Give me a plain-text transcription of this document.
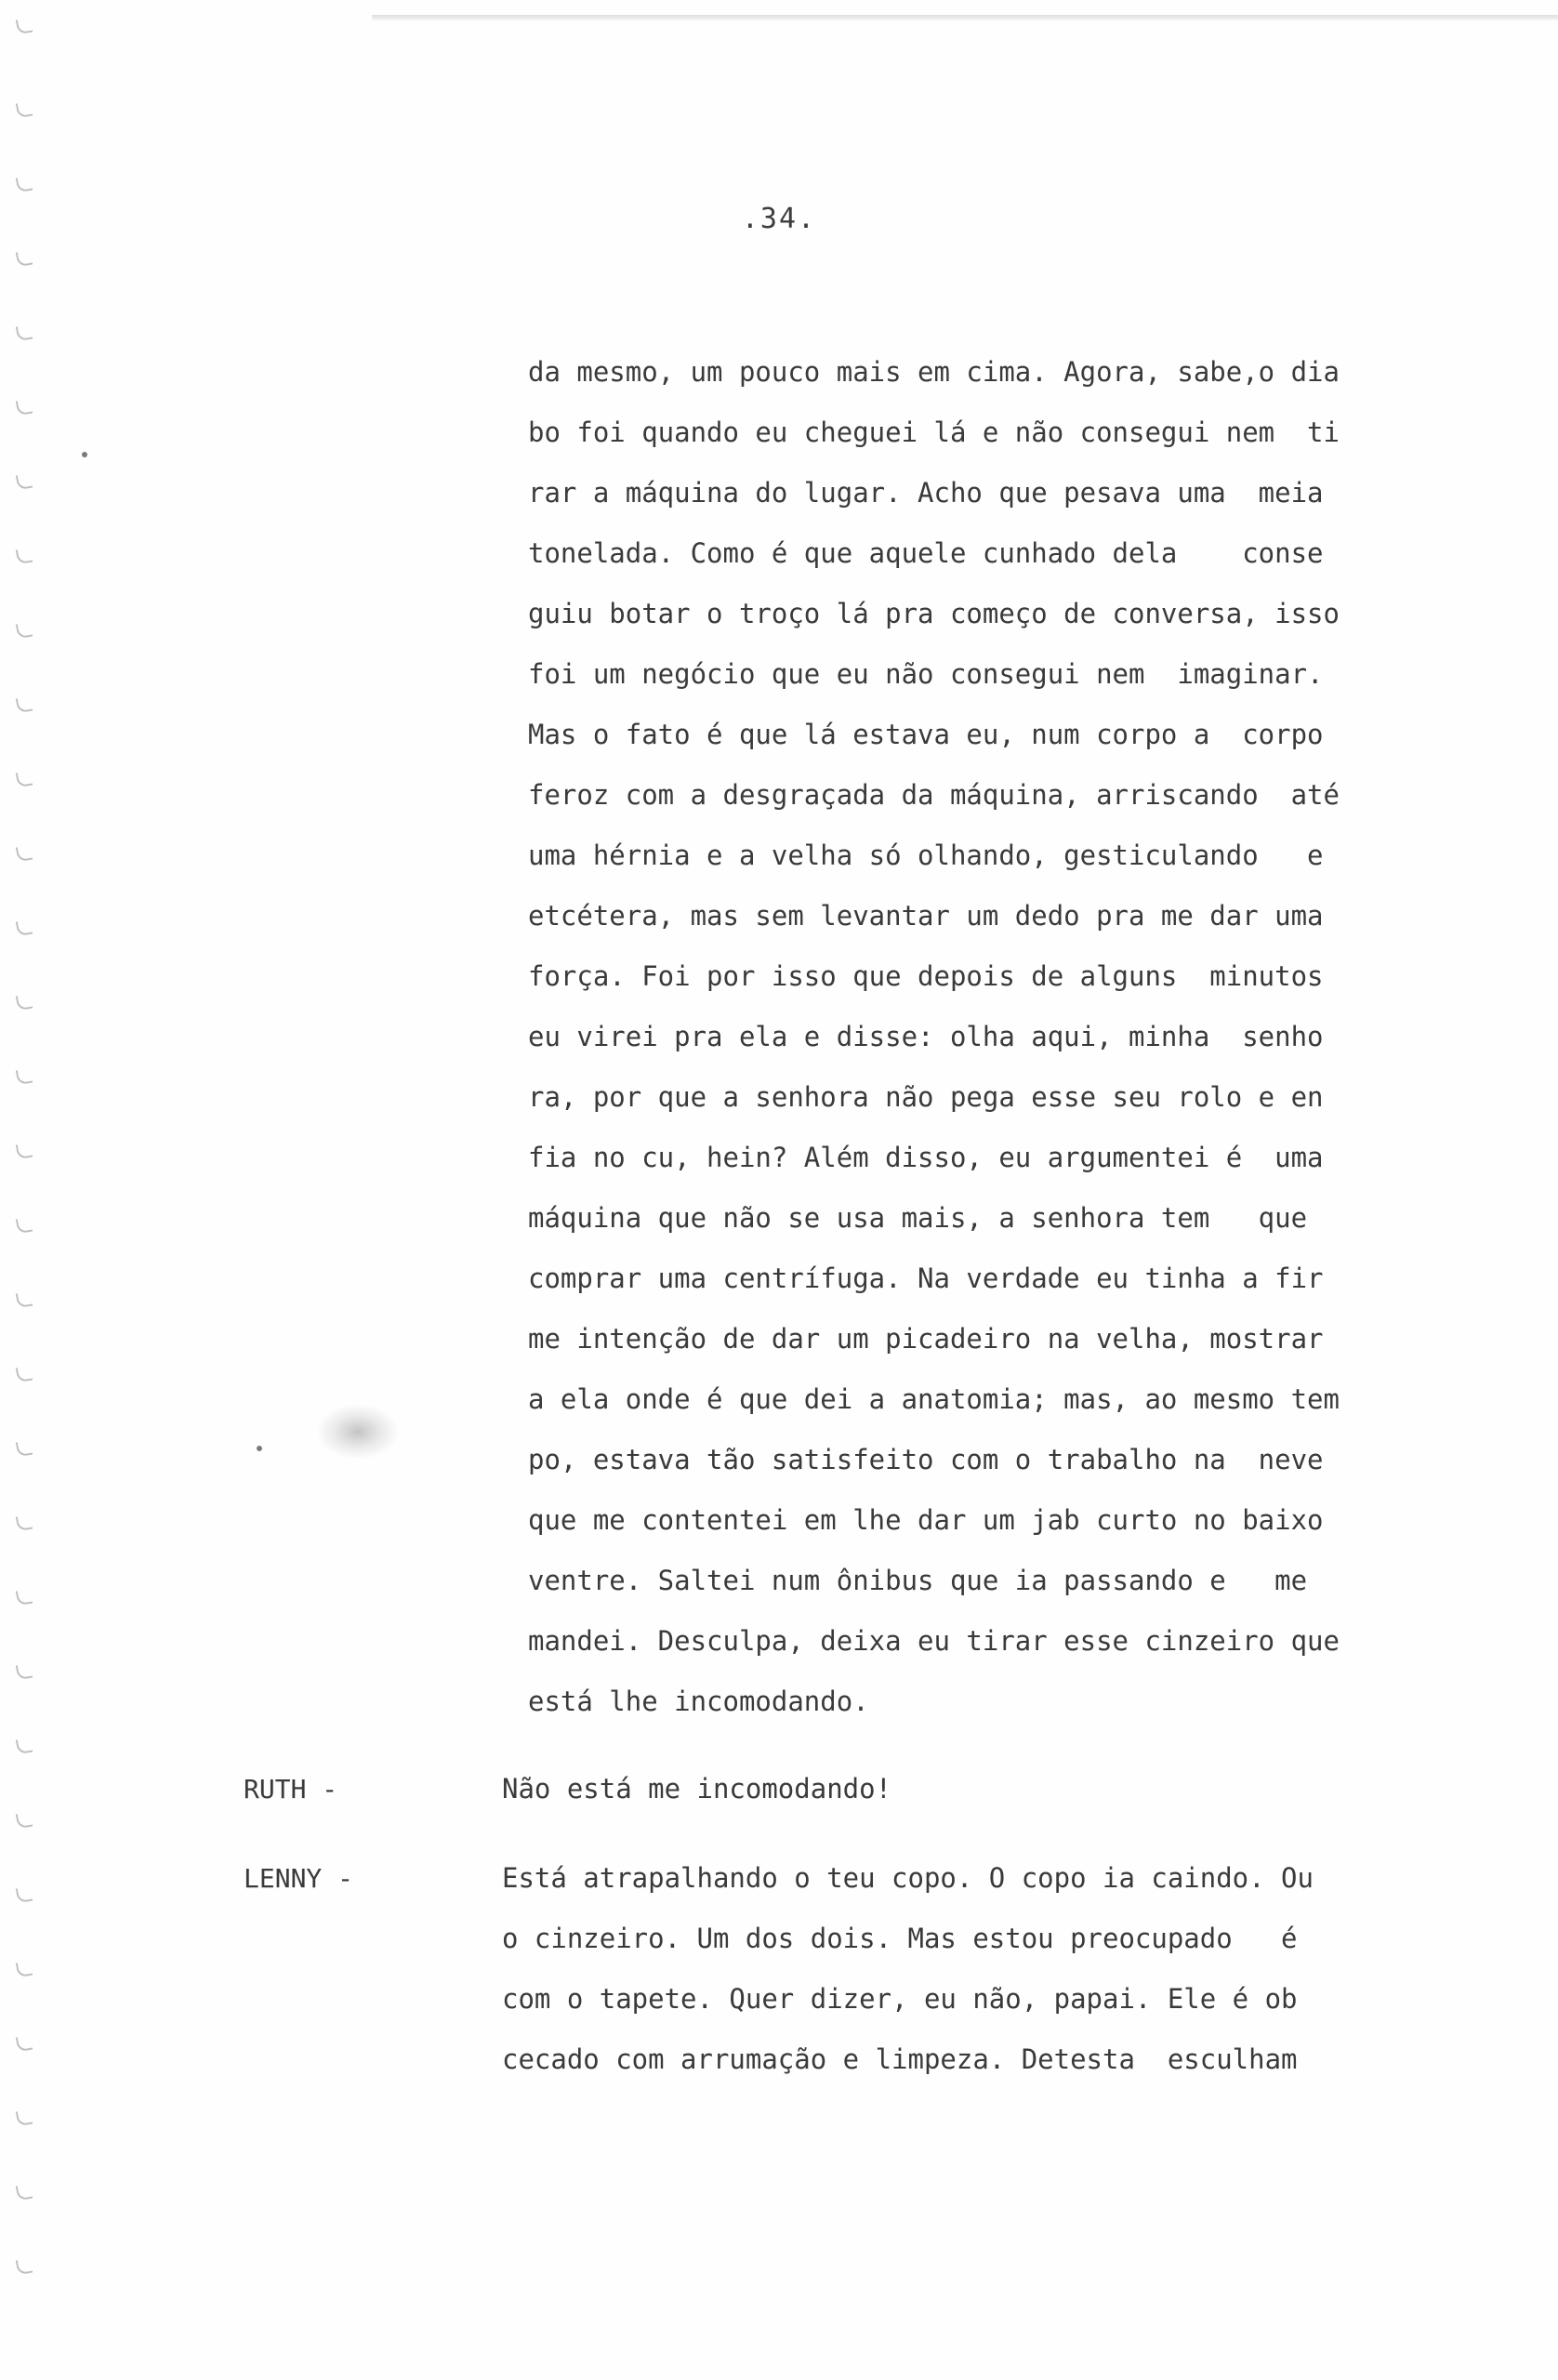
.34.
da mesmo, um pouco mais em cima. Agora, sabe,o dia
bo foi quando eu cheguei lá e não consegui nem  ti
rar a máquina do lugar. Acho que pesava uma  meia
tonelada. Como é que aquele cunhado dela    conse
guiu botar o troço lá pra começo de conversa, isso
foi um negócio que eu não consegui nem  imaginar.
Mas o fato é que lá estava eu, num corpo a  corpo
feroz com a desgraçada da máquina, arriscando  até
uma hérnia e a velha só olhando, gesticulando   e
etcétera, mas sem levantar um dedo pra me dar uma
força. Foi por isso que depois de alguns  minutos
eu virei pra ela e disse: olha aqui, minha  senho
ra, por que a senhora não pega esse seu rolo e en
fia no cu, hein? Além disso, eu argumentei é  uma
máquina que não se usa mais, a senhora tem   que
comprar uma centrífuga. Na verdade eu tinha a fir
me intenção de dar um picadeiro na velha, mostrar
a ela onde é que dei a anatomia; mas, ao mesmo tem
po, estava tão satisfeito com o trabalho na  neve
que me contentei em lhe dar um jab curto no baixo
ventre. Saltei num ônibus que ia passando e   me
mandei. Desculpa, deixa eu tirar esse cinzeiro que
está lhe incomodando.
RUTH -	Não está me incomodando!
LENNY -	Está atrapalhando o teu copo. O copo ia caindo. Ou
o cinzeiro. Um dos dois. Mas estou preocupado   é
com o tapete. Quer dizer, eu não, papai. Ele é ob
cecado com arrumação e limpeza. Detesta  esculham
